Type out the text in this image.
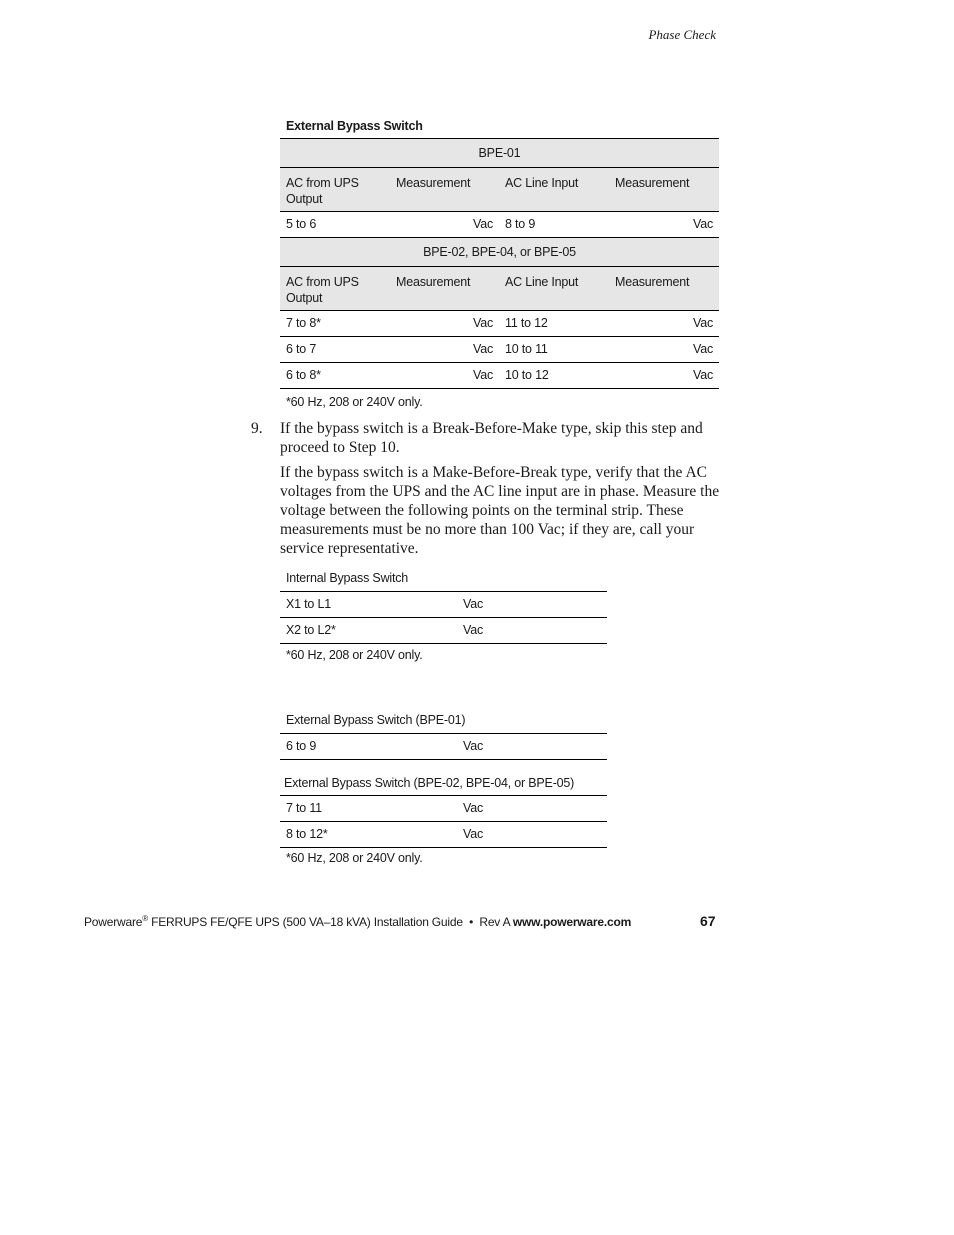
Phase Check
External Bypass Switch
BPE-01			
AC from UPS Output	Measurement	AC Line Input	Measurement
5 to 6	Vac	8 to 9	Vac
BPE-02, BPE-04, or BPE-05			
AC from UPS Output	Measurement	AC Line Input	Measurement
7 to 8*	Vac	11 to 12	Vac
6 to 7	Vac	10 to 11	Vac
6 to 8*	Vac	10 to 12	Vac
*60 Hz, 208 or 240V only.
9. If the bypass switch is a Break-Before-Make type, skip this step and proceed to Step 10.
If the bypass switch is a Make-Before-Break type, verify that the AC voltages from the UPS and the AC line input are in phase. Measure the voltage between the following points on the terminal strip. These measurements must be no more than 100 Vac; if they are, call your service representative.
Internal Bypass Switch
X1 to L1	Vac
X2 to L2*	Vac
*60 Hz, 208 or 240V only.
External Bypass Switch (BPE-01)
6 to 9	Vac
External Bypass Switch (BPE-02, BPE-04, or BPE-05)
7 to 11	Vac
8 to 12*	Vac
*60 Hz, 208 or 240V only.
Powerware® FERRUPS FE/QFE UPS (500 VA–18 kVA) Installation Guide  •  Rev A www.powerware.com	67
